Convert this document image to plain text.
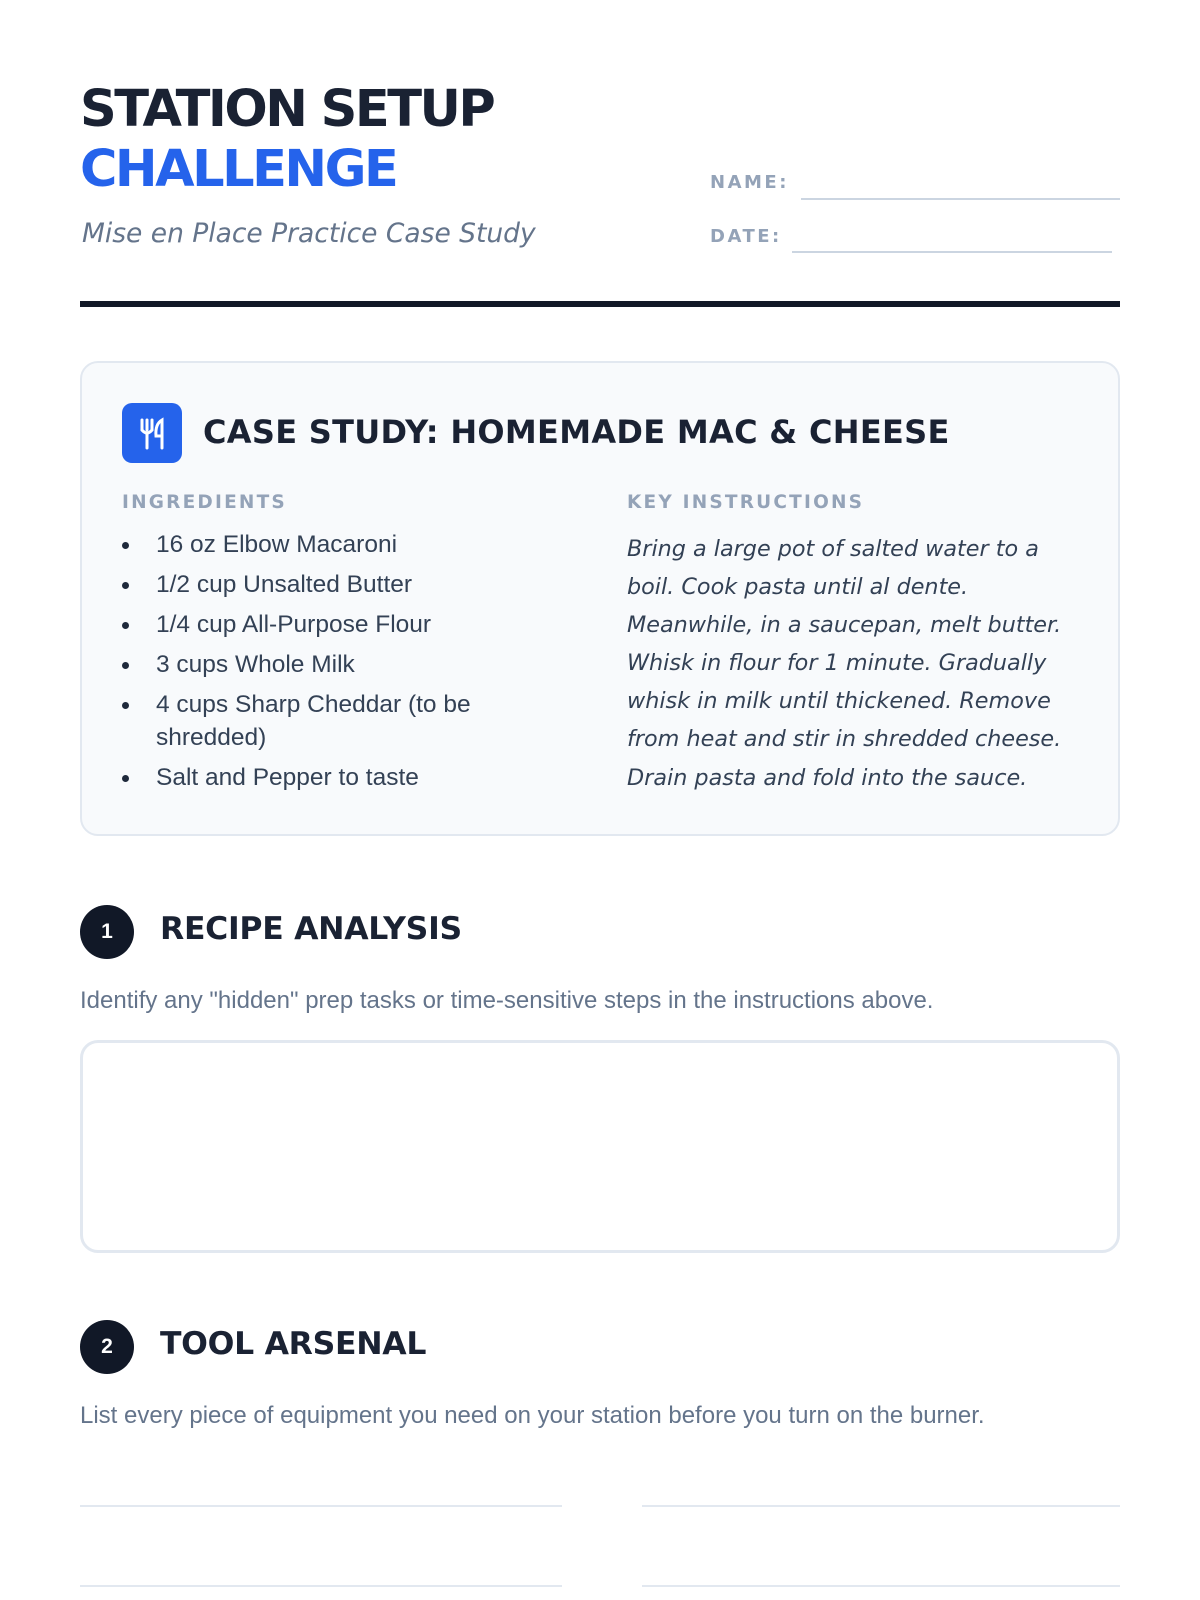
STATION SETUP
CHALLENGE
Mise en Place Practice Case Study
NAME:
DATE:
CASE STUDY: HOMEMADE MAC & CHEESE
INGREDIENTS
16 oz Elbow Macaroni
1/2 cup Unsalted Butter
1/4 cup All-Purpose Flour
3 cups Whole Milk
4 cups Sharp Cheddar (to be shredded)
Salt and Pepper to taste
KEY INSTRUCTIONS
Bring a large pot of salted water to a boil. Cook pasta until al dente. Meanwhile, in a saucepan, melt butter. Whisk in flour for 1 minute. Gradually whisk in milk until thickened. Remove from heat and stir in shredded cheese. Drain pasta and fold into the sauce.
1	RECIPE ANALYSIS
Identify any "hidden" prep tasks or time-sensitive steps in the instructions above.
2	TOOL ARSENAL
List every piece of equipment you need on your station before you turn on the burner.
